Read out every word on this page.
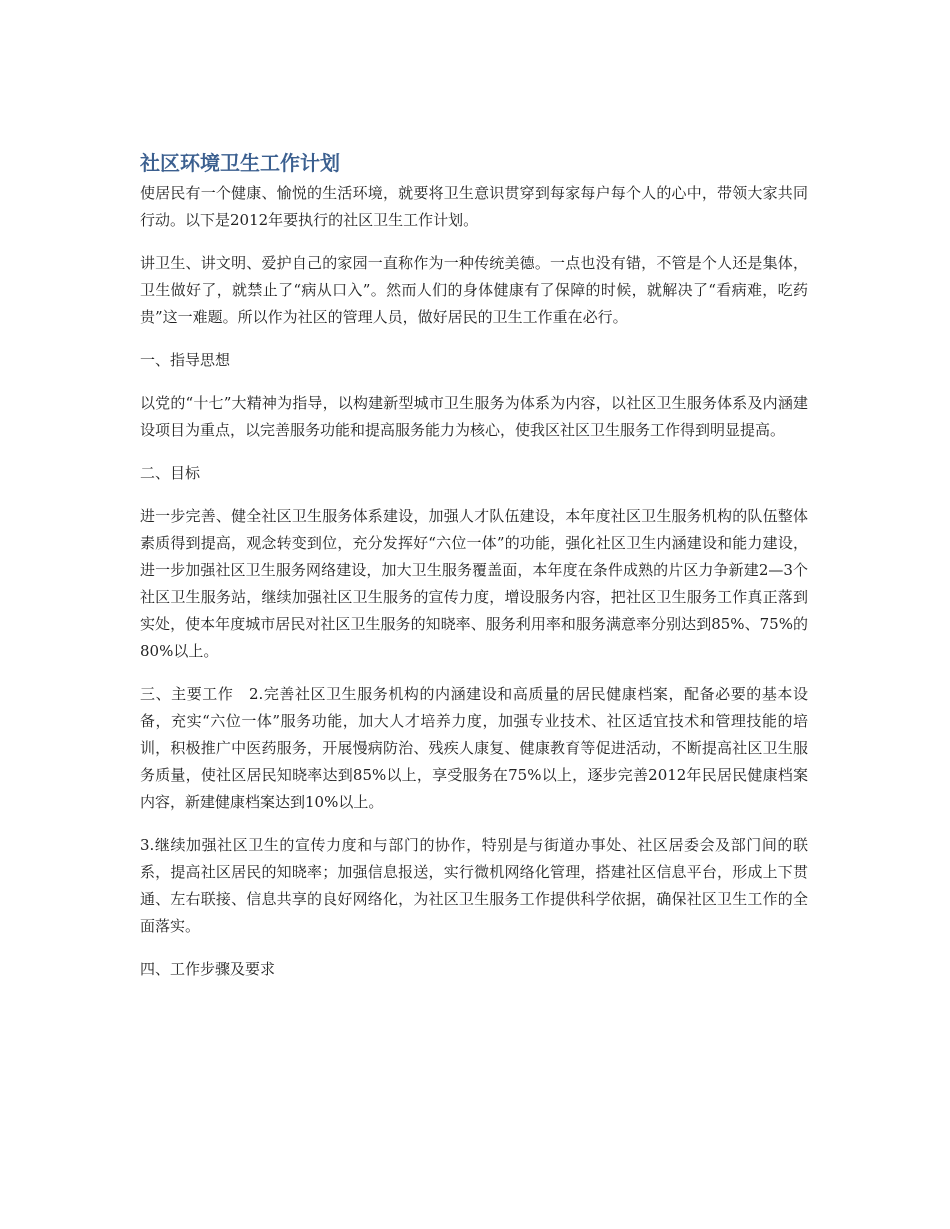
社区环境卫生工作计划

使居民有一个健康、愉悦的生活环境，就要将卫生意识贯穿到每家每户每个人的心中，带领大家共同行动。以下是2012年要执行的社区卫生工作计划。

讲卫生、讲文明、爱护自己的家园一直称作为一种传统美德。一点也没有错，不管是个人还是集体，卫生做好了，就禁止了“病从口入”。然而人们的身体健康有了保障的时候，就解决了“看病难，吃药贵”这一难题。所以作为社区的管理人员，做好居民的卫生工作重在必行。

一、指导思想

以党的“十七”大精神为指导，以构建新型城市卫生服务为体系为内容，以社区卫生服务体系及内涵建设项目为重点，以完善服务功能和提高服务能力为核心，使我区社区卫生服务工作得到明显提高。

二、目标

进一步完善、健全社区卫生服务体系建设，加强人才队伍建设，本年度社区卫生服务机构的队伍整体素质得到提高，观念转变到位，充分发挥好“六位一体”的功能，强化社区卫生内涵建设和能力建设，进一步加强社区卫生服务网络建设，加大卫生服务覆盖面，本年度在条件成熟的片区力争新建2—3个社区卫生服务站，继续加强社区卫生服务的宣传力度，增设服务内容，把社区卫生服务工作真正落到实处，使本年度城市居民对社区卫生服务的知晓率、服务利用率和服务满意率分别达到85%、75%的80%以上。

三、主要工作　2.完善社区卫生服务机构的内涵建设和高质量的居民健康档案，配备必要的基本设备，充实“六位一体”服务功能，加大人才培养力度，加强专业技术、社区适宜技术和管理技能的培训，积极推广中医药服务，开展慢病防治、残疾人康复、健康教育等促进活动，不断提高社区卫生服务质量，使社区居民知晓率达到85%以上，享受服务在75%以上，逐步完善2012年民居民健康档案内容，新建健康档案达到10%以上。

3.继续加强社区卫生的宣传力度和与部门的协作，特别是与街道办事处、社区居委会及部门间的联系，提高社区居民的知晓率；加强信息报送，实行微机网络化管理，搭建社区信息平台，形成上下贯通、左右联接、信息共享的良好网络化，为社区卫生服务工作提供科学依据，确保社区卫生工作的全面落实。

四、工作步骤及要求
